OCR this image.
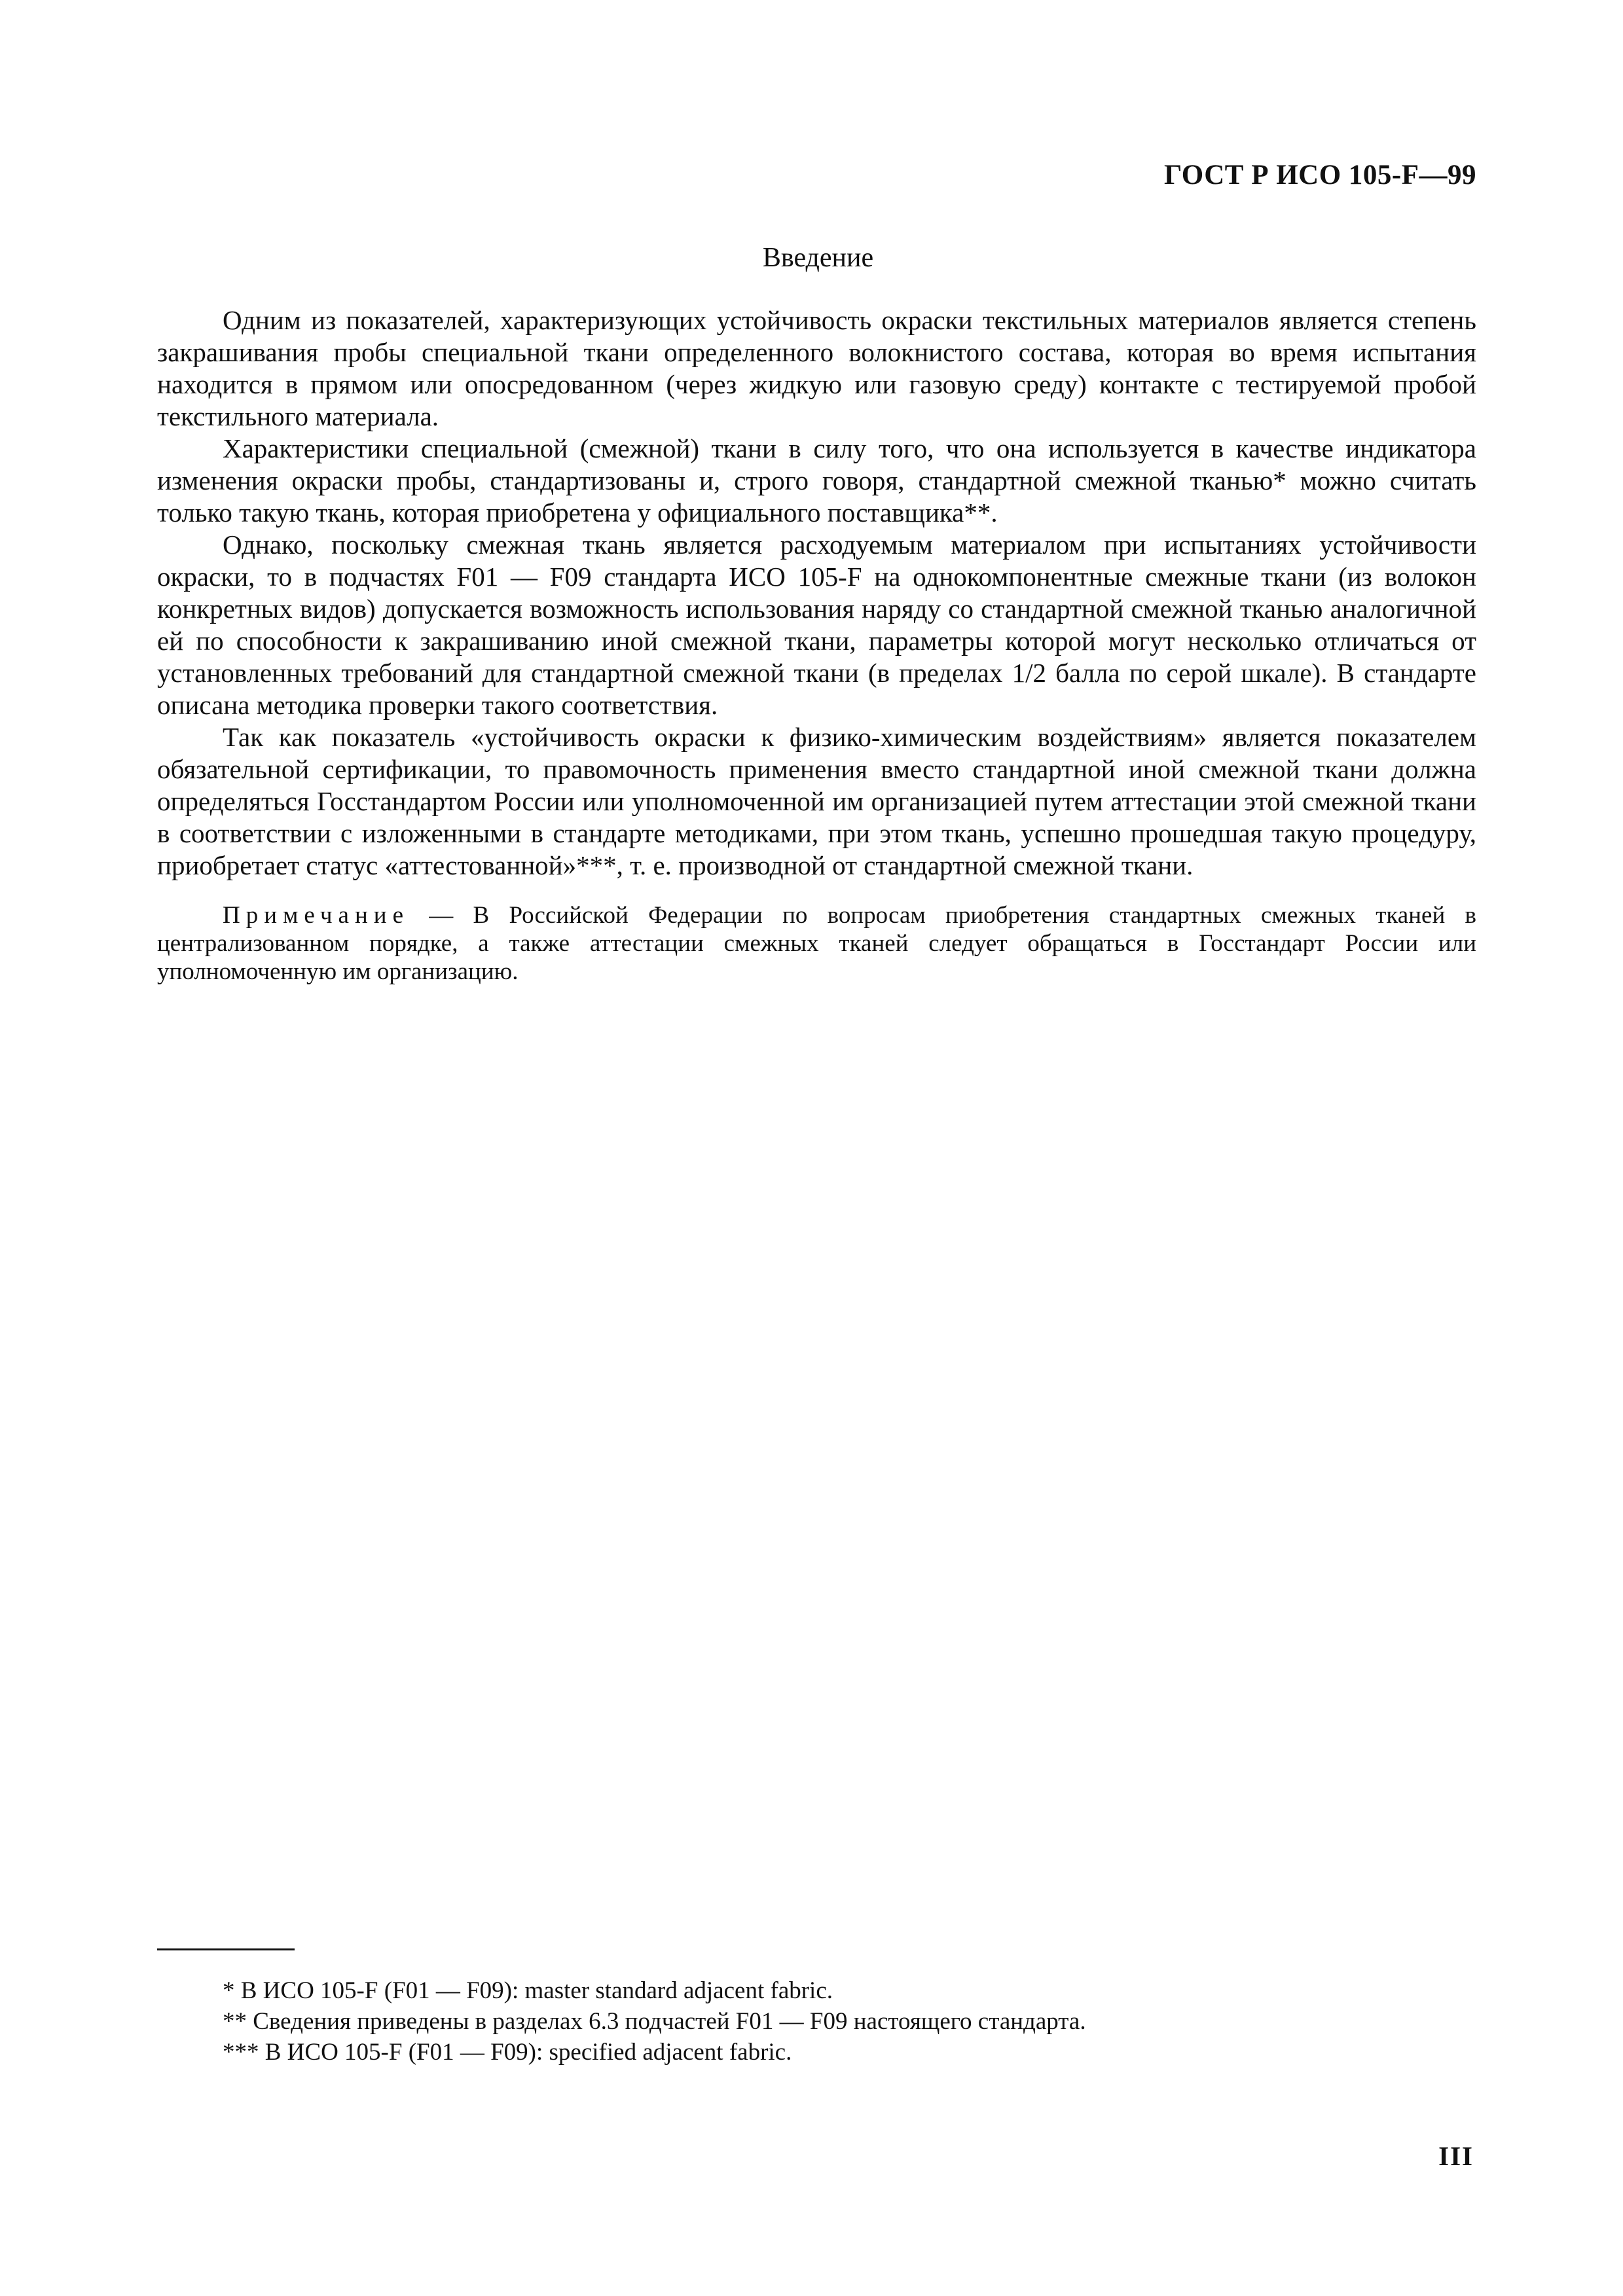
ГОСТ Р ИСО 105-F—99
Введение

Одним из показателей, характеризующих устойчивость окраски текстильных материалов является степень закрашивания пробы специальной ткани определенного волокнистого состава, которая во время испытания находится в прямом или опосредованном (через жидкую или газовую среду) контакте с тестируемой пробой текстильного материала.

Характеристики специальной (смежной) ткани в силу того, что она используется в качестве индикатора изменения окраски пробы, стандартизованы и, строго говоря, стандартной смежной тканью* можно считать только такую ткань, которая приобретена у официального поставщика**.

Однако, поскольку смежная ткань является расходуемым материалом при испытаниях устойчивости окраски, то в подчастях F01 — F09 стандарта ИСО 105-F на однокомпонентные смежные ткани (из волокон конкретных видов) допускается возможность использования наряду со стандартной смежной тканью аналогичной ей по способности к закрашиванию иной смежной ткани, параметры которой могут несколько отличаться от установленных требований для стандартной смежной ткани (в пределах 1/2 балла по серой шкале). В стандарте описана методика проверки такого соответствия.

Так как показатель «устойчивость окраски к физико-химическим воздействиям» является показателем обязательной сертификации, то правомочность применения вместо стандартной иной смежной ткани должна определяться Госстандартом России или уполномоченной им организацией путем аттестации этой смежной ткани в соответствии с изложенными в стандарте методиками, при этом ткань, успешно прошедшая такую процедуру, приобретает статус «аттестованной»***, т. е. производной от стандартной смежной ткани.

Примечание — В Российской Федерации по вопросам приобретения стандартных смежных тканей в централизованном порядке, а также аттестации смежных тканей следует обращаться в Госстандарт России или уполномоченную им организацию.

* В ИСО 105-F (F01 — F09): master standard adjacent fabric.
** Сведения приведены в разделах 6.3 подчастей F01 — F09 настоящего стандарта.
*** В ИСО 105-F (F01 — F09): specified adjacent fabric.
III
